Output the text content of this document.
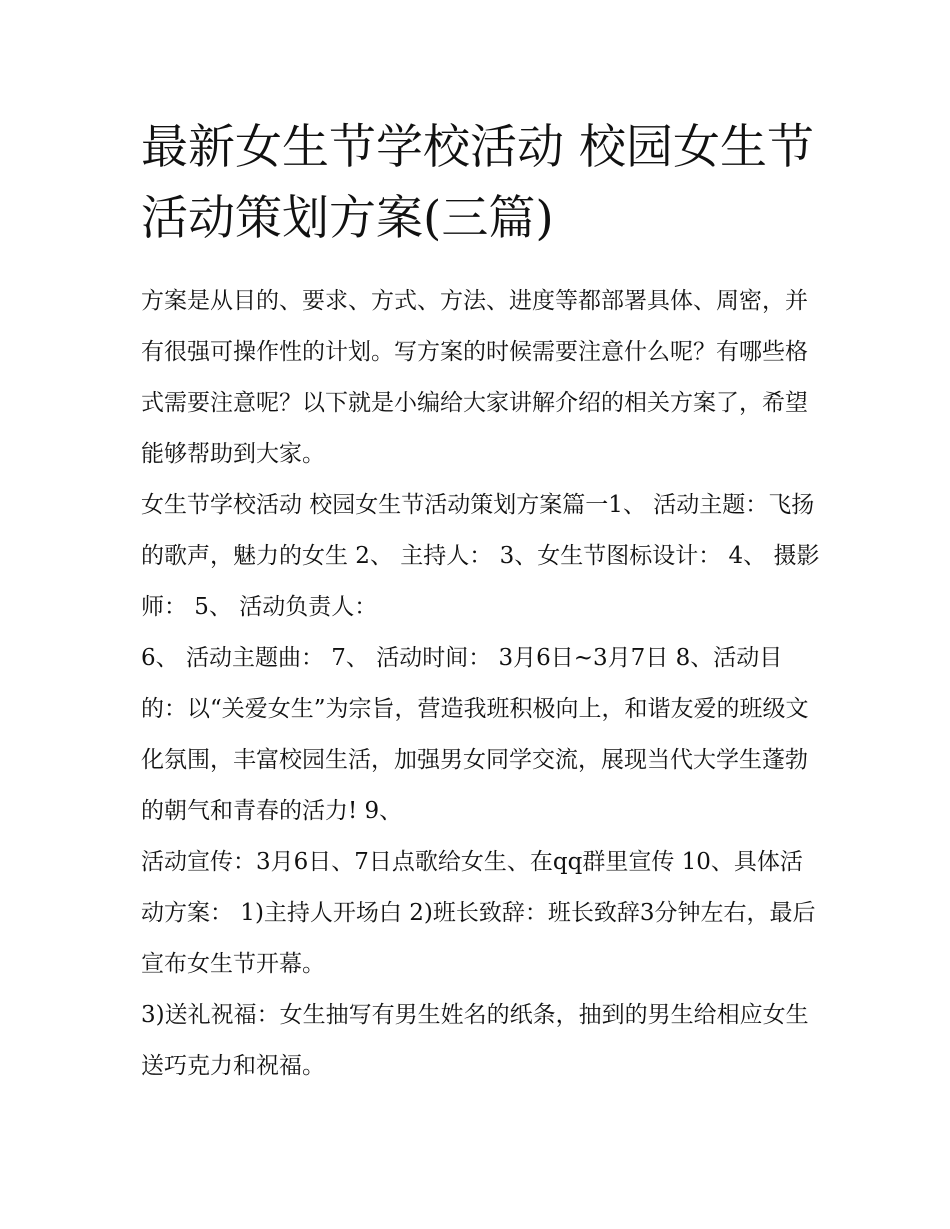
最新女生节学校活动 校园女生节活动策划方案(三篇)

方案是从目的、要求、方式、方法、进度等都部署具体、周密，并有很强可操作性的计划。写方案的时候需要注意什么呢？有哪些格式需要注意呢？以下就是小编给大家讲解介绍的相关方案了，希望能够帮助到大家。

女生节学校活动 校园女生节活动策划方案篇一1、 活动主题：飞扬的歌声，魅力的女生 2、 主持人： 3、女生节图标设计： 4、 摄影师： 5、 活动负责人：

6、 活动主题曲： 7、 活动时间： 3月6日~3月7日 8、活动目的：以“关爱女生”为宗旨，营造我班积极向上，和谐友爱的班级文化氛围，丰富校园生活，加强男女同学交流，展现当代大学生蓬勃的朝气和青春的活力! 9、

活动宣传：3月6日、7日点歌给女生、在qq群里宣传 10、具体活动方案： 1)主持人开场白 2)班长致辞：班长致辞3分钟左右，最后宣布女生节开幕。

3)送礼祝福：女生抽写有男生姓名的纸条，抽到的男生给相应女生送巧克力和祝福。
